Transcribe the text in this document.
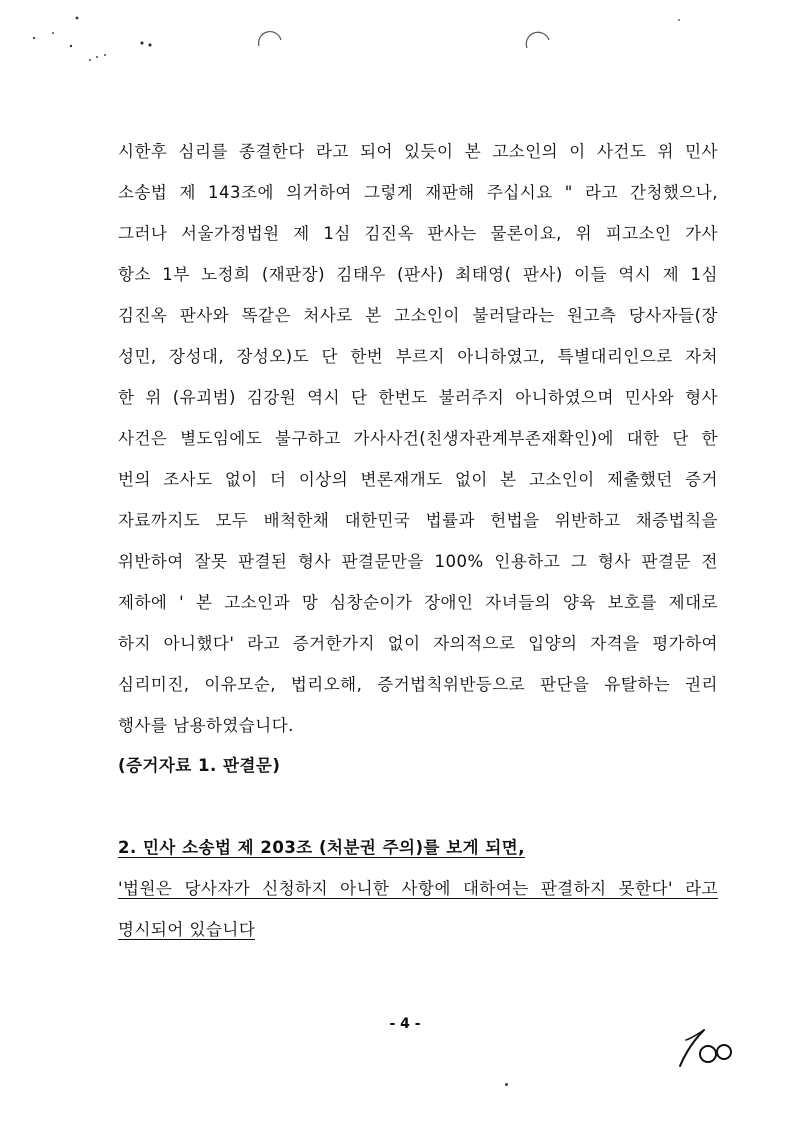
시한후 심리를 종결한다 라고 되어 있듯이 본 고소인의 이 사건도 위 민사
소송법 제 143조에 의거하여 그렇게 재판해 주십시요 " 라고 간청했으나,
그러나 서울가정법원 제 1심 김진옥 판사는 물론이요, 위 피고소인 가사
항소 1부 노정희 (재판장) 김태우 (판사) 최태영( 판사) 이들 역시 제 1심
김진옥 판사와 똑같은 처사로 본 고소인이 불러달라는 원고측 당사자들(장
성민, 장성대, 장성오)도 단 한번 부르지 아니하였고, 특별대리인으로 자처
한 위 (유괴범) 김강원 역시 단 한번도 불러주지 아니하였으며 민사와 형사
사건은 별도임에도 불구하고 가사사건(친생자관계부존재확인)에 대한 단 한
번의 조사도 없이 더 이상의 변론재개도 없이 본 고소인이 제출했던 증거
자료까지도 모두 배척한채 대한민국 법률과 헌법을 위반하고 채증법칙을
위반하여 잘못 판결된 형사 판결문만을 100% 인용하고 그 형사 판결문 전
제하에 ' 본 고소인과 망 심창순이가 장애인 자녀들의 양육 보호를 제대로
하지 아니했다' 라고 증거한가지 없이 자의적으로 입양의 자격을 평가하여
심리미진, 이유모순, 법리오해, 증거법칙위반등으로 판단을 유탈하는 권리
행사를 남용하였습니다.
(증거자료 1. 판결문)
2. 민사 소송법 제 203조 (처분권 주의)를 보게 되면,
'법원은 당사자가 신청하지 아니한 사항에 대하여는 판결하지 못한다' 라고
명시되어 있습니다
- 4 -
